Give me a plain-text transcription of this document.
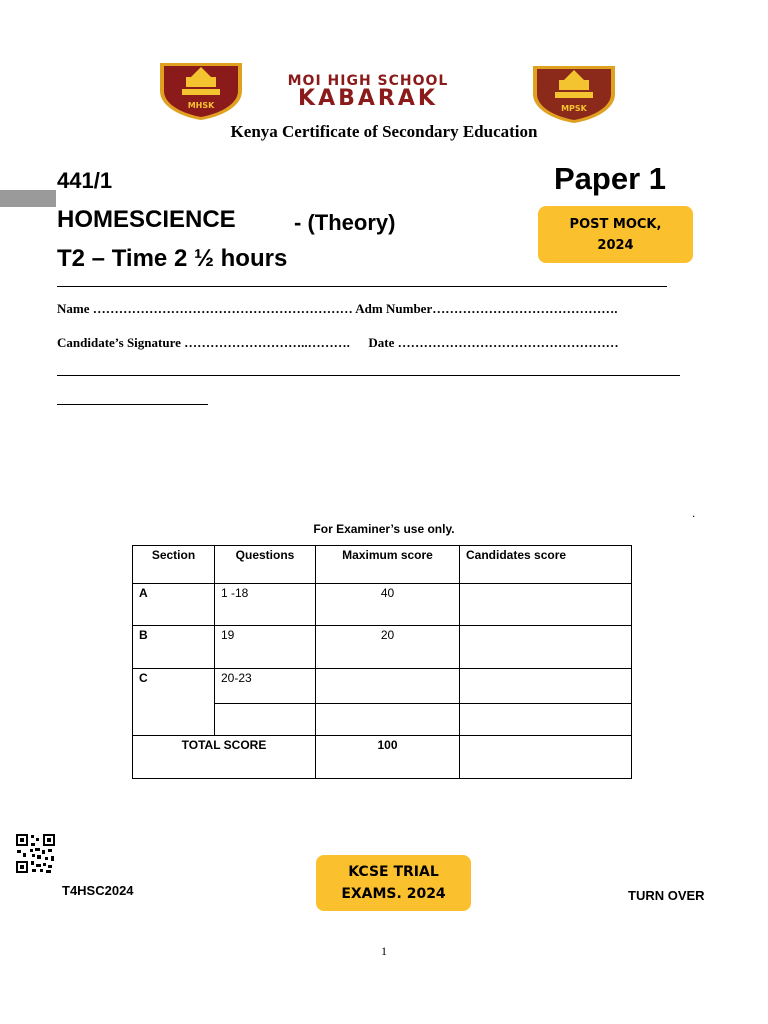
MHSK	MPSK
MOI HIGH SCHOOL
KABARAK
Kenya Certificate of Secondary Education
441/1
HOMESCIENCE	- (Theory)
T2 – Time 2 ½ hours
Paper 1
POST MOCK,
2024
Name …………………………………………………… Adm Number…………………………………….
Candidate’s Signature ………………………..………. Date ……………………………………………
.
For Examiner’s use only.
Section	Questions	Maximum score	Candidates score
A	1 -18	40	
B	19	20	
C	20-23		

TOTAL SCORE		100	
T4HSC2024
KCSE TRIAL
EXAMS. 2024	TURN OVER
1
